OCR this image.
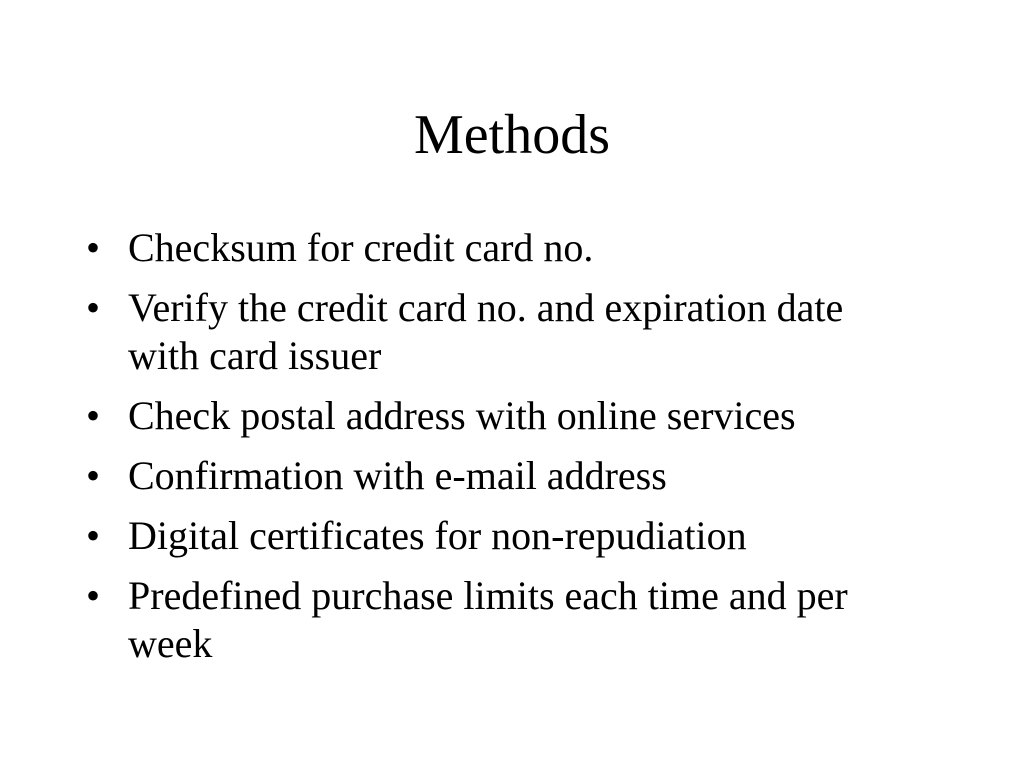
Methods
• Checksum for credit card no.
• Verify the credit card no. and expiration date with card issuer
• Check postal address with online services
• Confirmation with e-mail address
• Digital certificates for non-repudiation
• Predefined purchase limits each time and per week
